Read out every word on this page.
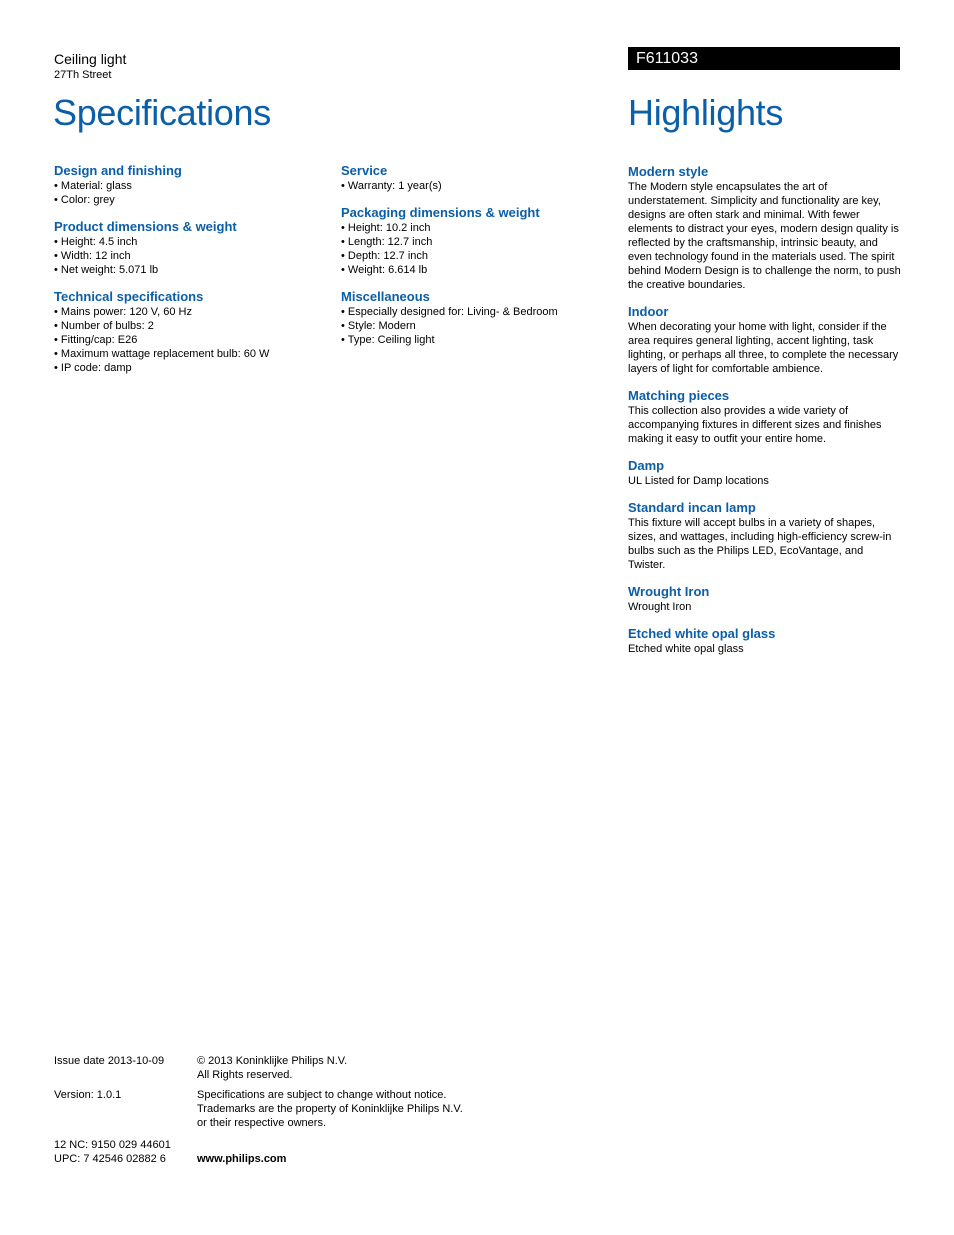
Ceiling light
27Th Street
Specifications
F611033
Highlights
Design and finishing
• Material: glass
• Color: grey
Product dimensions & weight
• Height: 4.5 inch
• Width: 12 inch
• Net weight: 5.071 lb
Technical specifications
• Mains power: 120 V, 60 Hz
• Number of bulbs: 2
• Fitting/cap: E26
• Maximum wattage replacement bulb: 60 W
• IP code: damp
Service
• Warranty: 1 year(s)
Packaging dimensions & weight
• Height: 10.2 inch
• Length: 12.7 inch
• Depth: 12.7 inch
• Weight: 6.614 lb
Miscellaneous
• Especially designed for: Living- & Bedroom
• Style: Modern
• Type: Ceiling light
Modern style

The Modern style encapsulates the art of understatement. Simplicity and functionality are key, designs are often stark and minimal. With fewer elements to distract your eyes, modern design quality is reflected by the craftsmanship, intrinsic beauty, and even technology found in the materials used. The spirit behind Modern Design is to challenge the norm, to push the creative boundaries.

Indoor

When decorating your home with light, consider if the area requires general lighting, accent lighting, task lighting, or perhaps all three, to complete the necessary layers of light for comfortable ambience.

Matching pieces

This collection also provides a wide variety of accompanying fixtures in different sizes and finishes making it easy to outfit your entire home.

Damp

UL Listed for Damp locations

Standard incan lamp

This fixture will accept bulbs in a variety of shapes, sizes, and wattages, including high-efficiency screw-in bulbs such as the Philips LED, EcoVantage, and Twister.

Wrought Iron

Wrought Iron

Etched white opal glass

Etched white opal glass

Issue date 2013-10-09
Version: 1.0.1
12 NC: 9150 029 44601
UPC: 7 42546 02882 6
© 2013 Koninklijke Philips N.V.
All Rights reserved.
Specifications are subject to change without notice.
Trademarks are the property of Koninklijke Philips N.V.
or their respective owners.
www.philips.com
